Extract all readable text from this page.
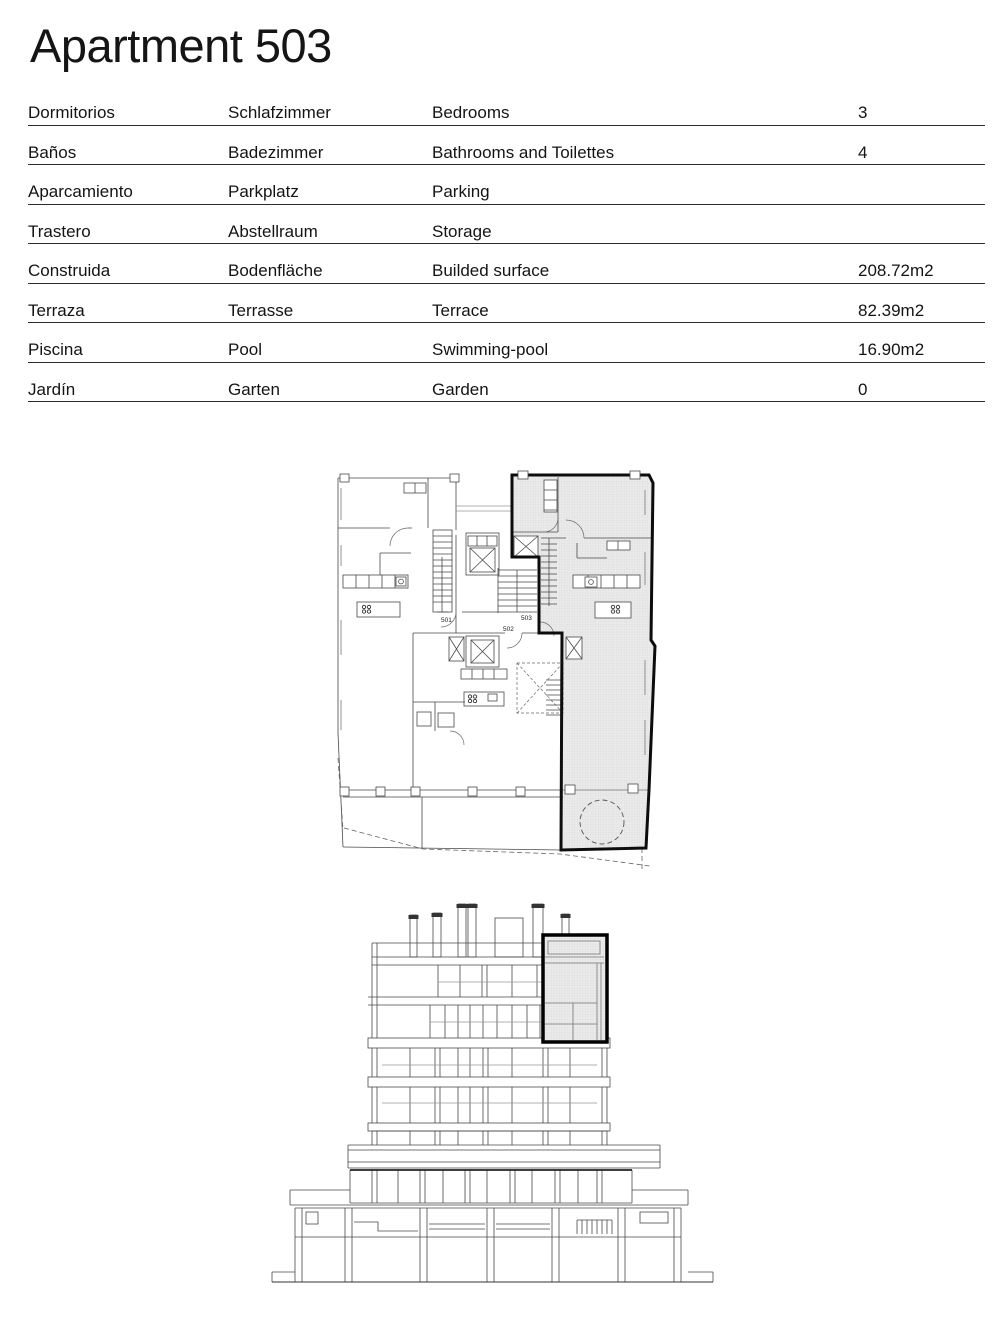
Apartment 503
Dormitorios	Schlafzimmer	Bedrooms	3
Baños	Badezimmer	Bathrooms and Toilettes	4
Aparcamiento	Parkplatz	Parking
Trastero	Abstellraum	Storage
Construida	Bodenfläche	Builded surface	208.72m2
Terraza	Terrasse	Terrace	82.39m2
Piscina	Pool	Swimming-pool	16.90m2
Jardín	Garten	Garden	0
501
502
503
